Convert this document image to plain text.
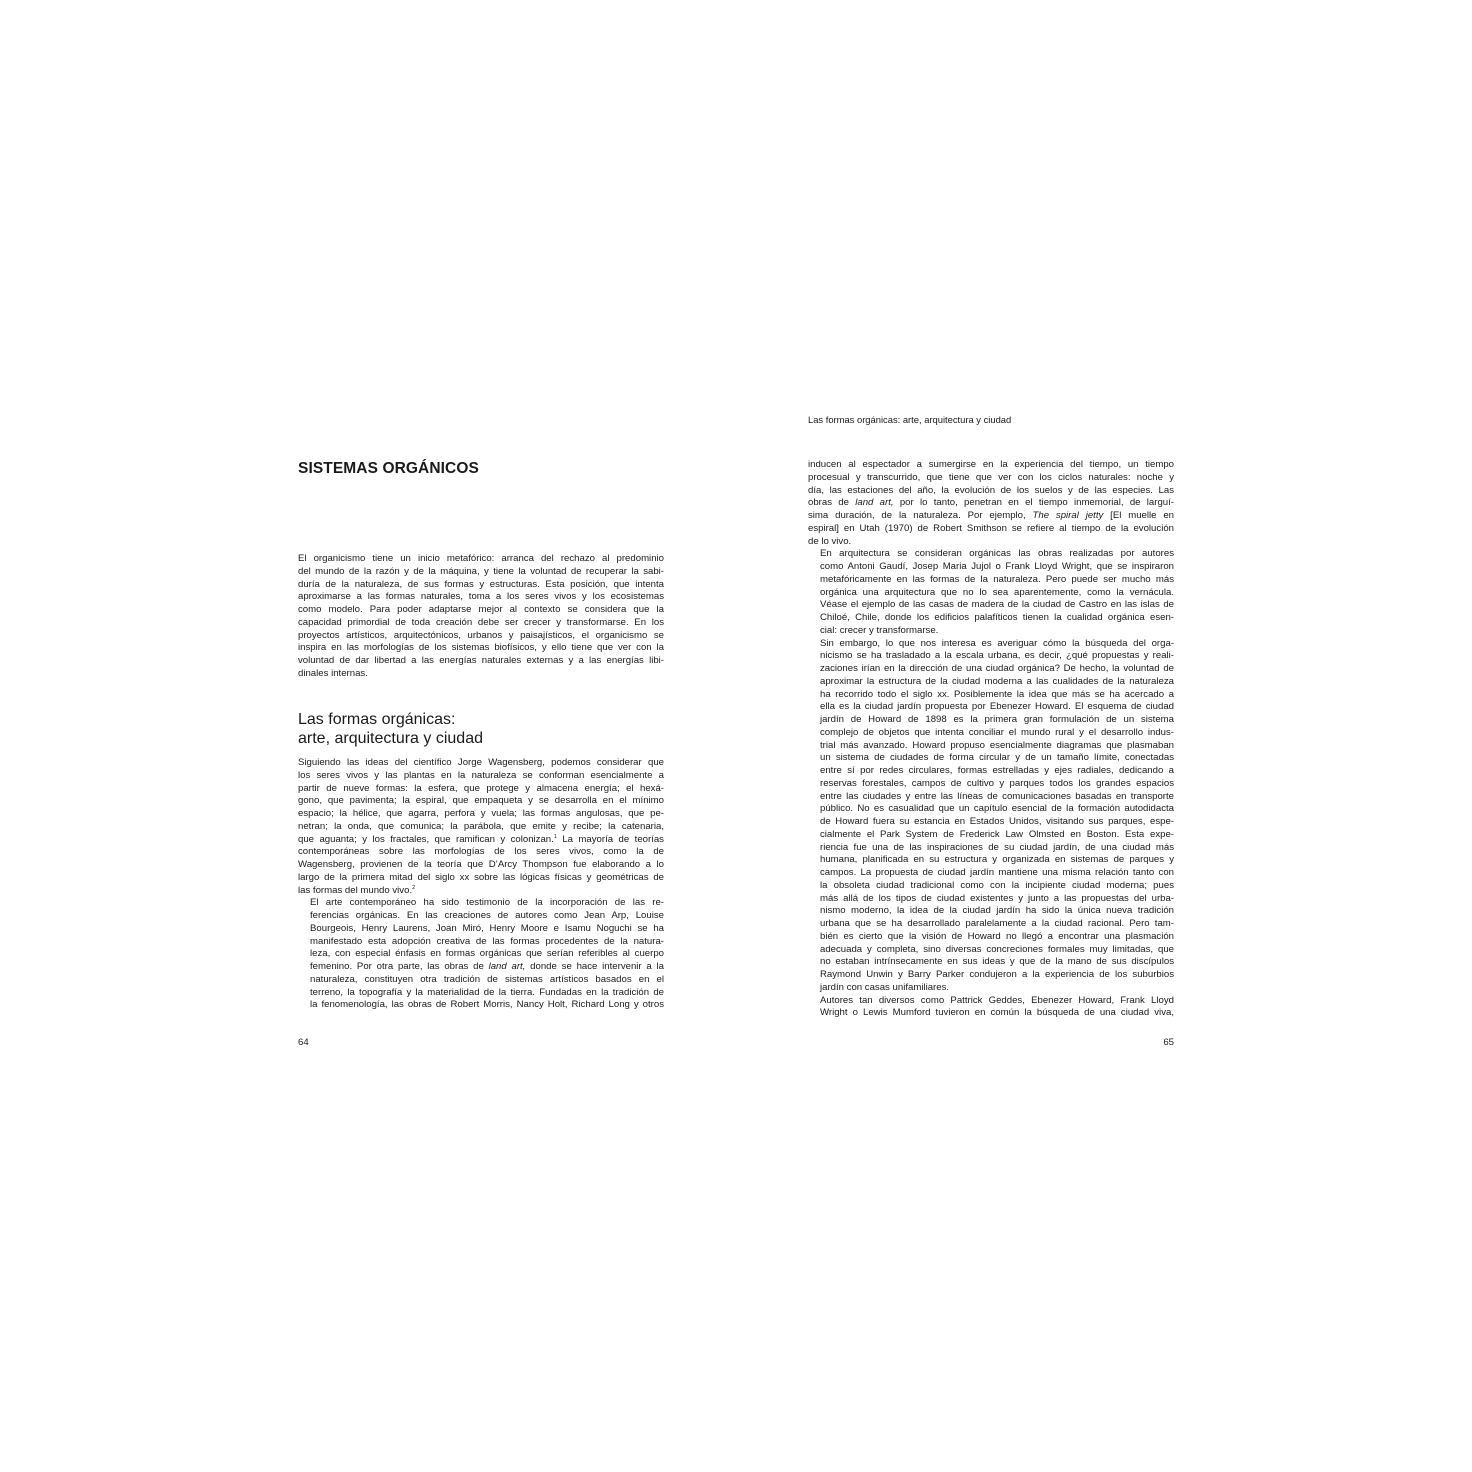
SISTEMAS ORGÁNICOS

El organicismo tiene un inicio metafórico: arranca del rechazo al predominio
del mundo de la razón y de la máquina, y tiene la voluntad de recuperar la sabi-
duría de la naturaleza, de sus formas y estructuras. Esta posición, que intenta
aproximarse a las formas naturales, toma a los seres vivos y los ecosistemas
como modelo. Para poder adaptarse mejor al contexto se considera que la
capacidad primordial de toda creación debe ser crecer y transformarse. En los
proyectos artísticos, arquitectónicos, urbanos y paisajísticos, el organicismo se
inspira en las morfologías de los sistemas biofísicos, y ello tiene que ver con la
voluntad de dar libertad a las energías naturales externas y a las energías libi-
dinales internas.

Las formas orgánicas:
arte, arquitectura y ciudad

Siguiendo las ideas del científico Jorge Wagensberg, podemos considerar que
los seres vivos y las plantas en la naturaleza se conforman esencialmente a
partir de nueve formas: la esfera, que protege y almacena energía; el hexá-
gono, que pavimenta; la espiral, que empaqueta y se desarrolla en el mínimo
espacio; la hélice, que agarra, perfora y vuela; las formas angulosas, que pe-
netran; la onda, que comunica; la parábola, que emite y recibe; la catenaria,
que aguanta; y los fractales, que ramifican y colonizan.$^1$ La mayoría de teorías
contemporáneas sobre las morfologías de los seres vivos, como la de
Wagensberg, provienen de la teoría que D’Arcy Thompson fue elaborando a lo
largo de la primera mitad del siglo xx sobre las lógicas físicas y geométricas de
las formas del mundo vivo.$^2$

El arte contemporáneo ha sido testimonio de la incorporación de las re-
ferencias orgánicas. En las creaciones de autores como Jean Arp, Louise
Bourgeois, Henry Laurens, Joan Miró, Henry Moore e Isamu Noguchi se ha
manifestado esta adopción creativa de las formas procedentes de la natura-
leza, con especial énfasis en formas orgánicas que serían referibles al cuerpo
femenino. Por otra parte, las obras de land art, donde se hace intervenir a la
naturaleza, constituyen otra tradición de sistemas artísticos basados en el
terreno, la topografía y la materialidad de la tierra. Fundadas en la tradición de
la fenomenología, las obras de Robert Morris, Nancy Holt, Richard Long y otros

64
Las formas orgánicas: arte, arquitectura y ciudad

inducen al espectador a sumergirse en la experiencia del tiempo, un tiempo
procesual y transcurrido, que tiene que ver con los ciclos naturales: noche y
día, las estaciones del año, la evolución de los suelos y de las especies. Las
obras de land art, por lo tanto, penetran en el tiempo inmemorial, de larguí-
sima duración, de la naturaleza. Por ejemplo, The spiral jetty [El muelle en
espiral] en Utah (1970) de Robert Smithson se refiere al tiempo de la evolución
de lo vivo.

En arquitectura se consideran orgánicas las obras realizadas por autores
como Antoni Gaudí, Josep Maria Jujol o Frank Lloyd Wright, que se inspiraron
metafóricamente en las formas de la naturaleza. Pero puede ser mucho más
orgánica una arquitectura que no lo sea aparentemente, como la vernácula.
Véase el ejemplo de las casas de madera de la ciudad de Castro en las islas de
Chiloé, Chile, donde los edificios palafíticos tienen la cualidad orgánica esen-
cial: crecer y transformarse.

Sin embargo, lo que nos interesa es averiguar cómo la búsqueda del orga-
nicismo se ha trasladado a la escala urbana, es decir, ¿qué propuestas y reali-
zaciones irían en la dirección de una ciudad orgánica? De hecho, la voluntad de
aproximar la estructura de la ciudad moderna a las cualidades de la naturaleza
ha recorrido todo el siglo xx. Posiblemente la idea que más se ha acercado a
ella es la ciudad jardín propuesta por Ebenezer Howard. El esquema de ciudad
jardín de Howard de 1898 es la primera gran formulación de un sistema
complejo de objetos que intenta conciliar el mundo rural y el desarrollo indus-
trial más avanzado. Howard propuso esencialmente diagramas que plasmaban
un sistema de ciudades de forma circular y de un tamaño límite, conectadas
entre sí por redes circulares, formas estrelladas y ejes radiales, dedicando a
reservas forestales, campos de cultivo y parques todos los grandes espacios
entre las ciudades y entre las líneas de comunicaciones basadas en transporte
público. No es casualidad que un capítulo esencial de la formación autodidacta
de Howard fuera su estancia en Estados Unidos, visitando sus parques, espe-
cialmente el Park System de Frederick Law Olmsted en Boston. Esta expe-
riencia fue una de las inspiraciones de su ciudad jardín, de una ciudad más
humana, planificada en su estructura y organizada en sistemas de parques y
campos. La propuesta de ciudad jardín mantiene una misma relación tanto con
la obsoleta ciudad tradicional como con la incipiente ciudad moderna; pues
más allá de los tipos de ciudad existentes y junto a las propuestas del urba-
nismo moderno, la idea de la ciudad jardín ha sido la única nueva tradición
urbana que se ha desarrollado paralelamente a la ciudad racional. Pero tam-
bién es cierto que la visión de Howard no llegó a encontrar una plasmación
adecuada y completa, sino diversas concreciones formales muy limitadas, que
no estaban intrínsecamente en sus ideas y que de la mano de sus discípulos
Raymond Unwin y Barry Parker condujeron a la experiencia de los suburbios
jardín con casas unifamiliares.

Autores tan diversos como Pattrick Geddes, Ebenezer Howard, Frank Lloyd
Wright o Lewis Mumford tuvieron en común la búsqueda de una ciudad viva,

65
